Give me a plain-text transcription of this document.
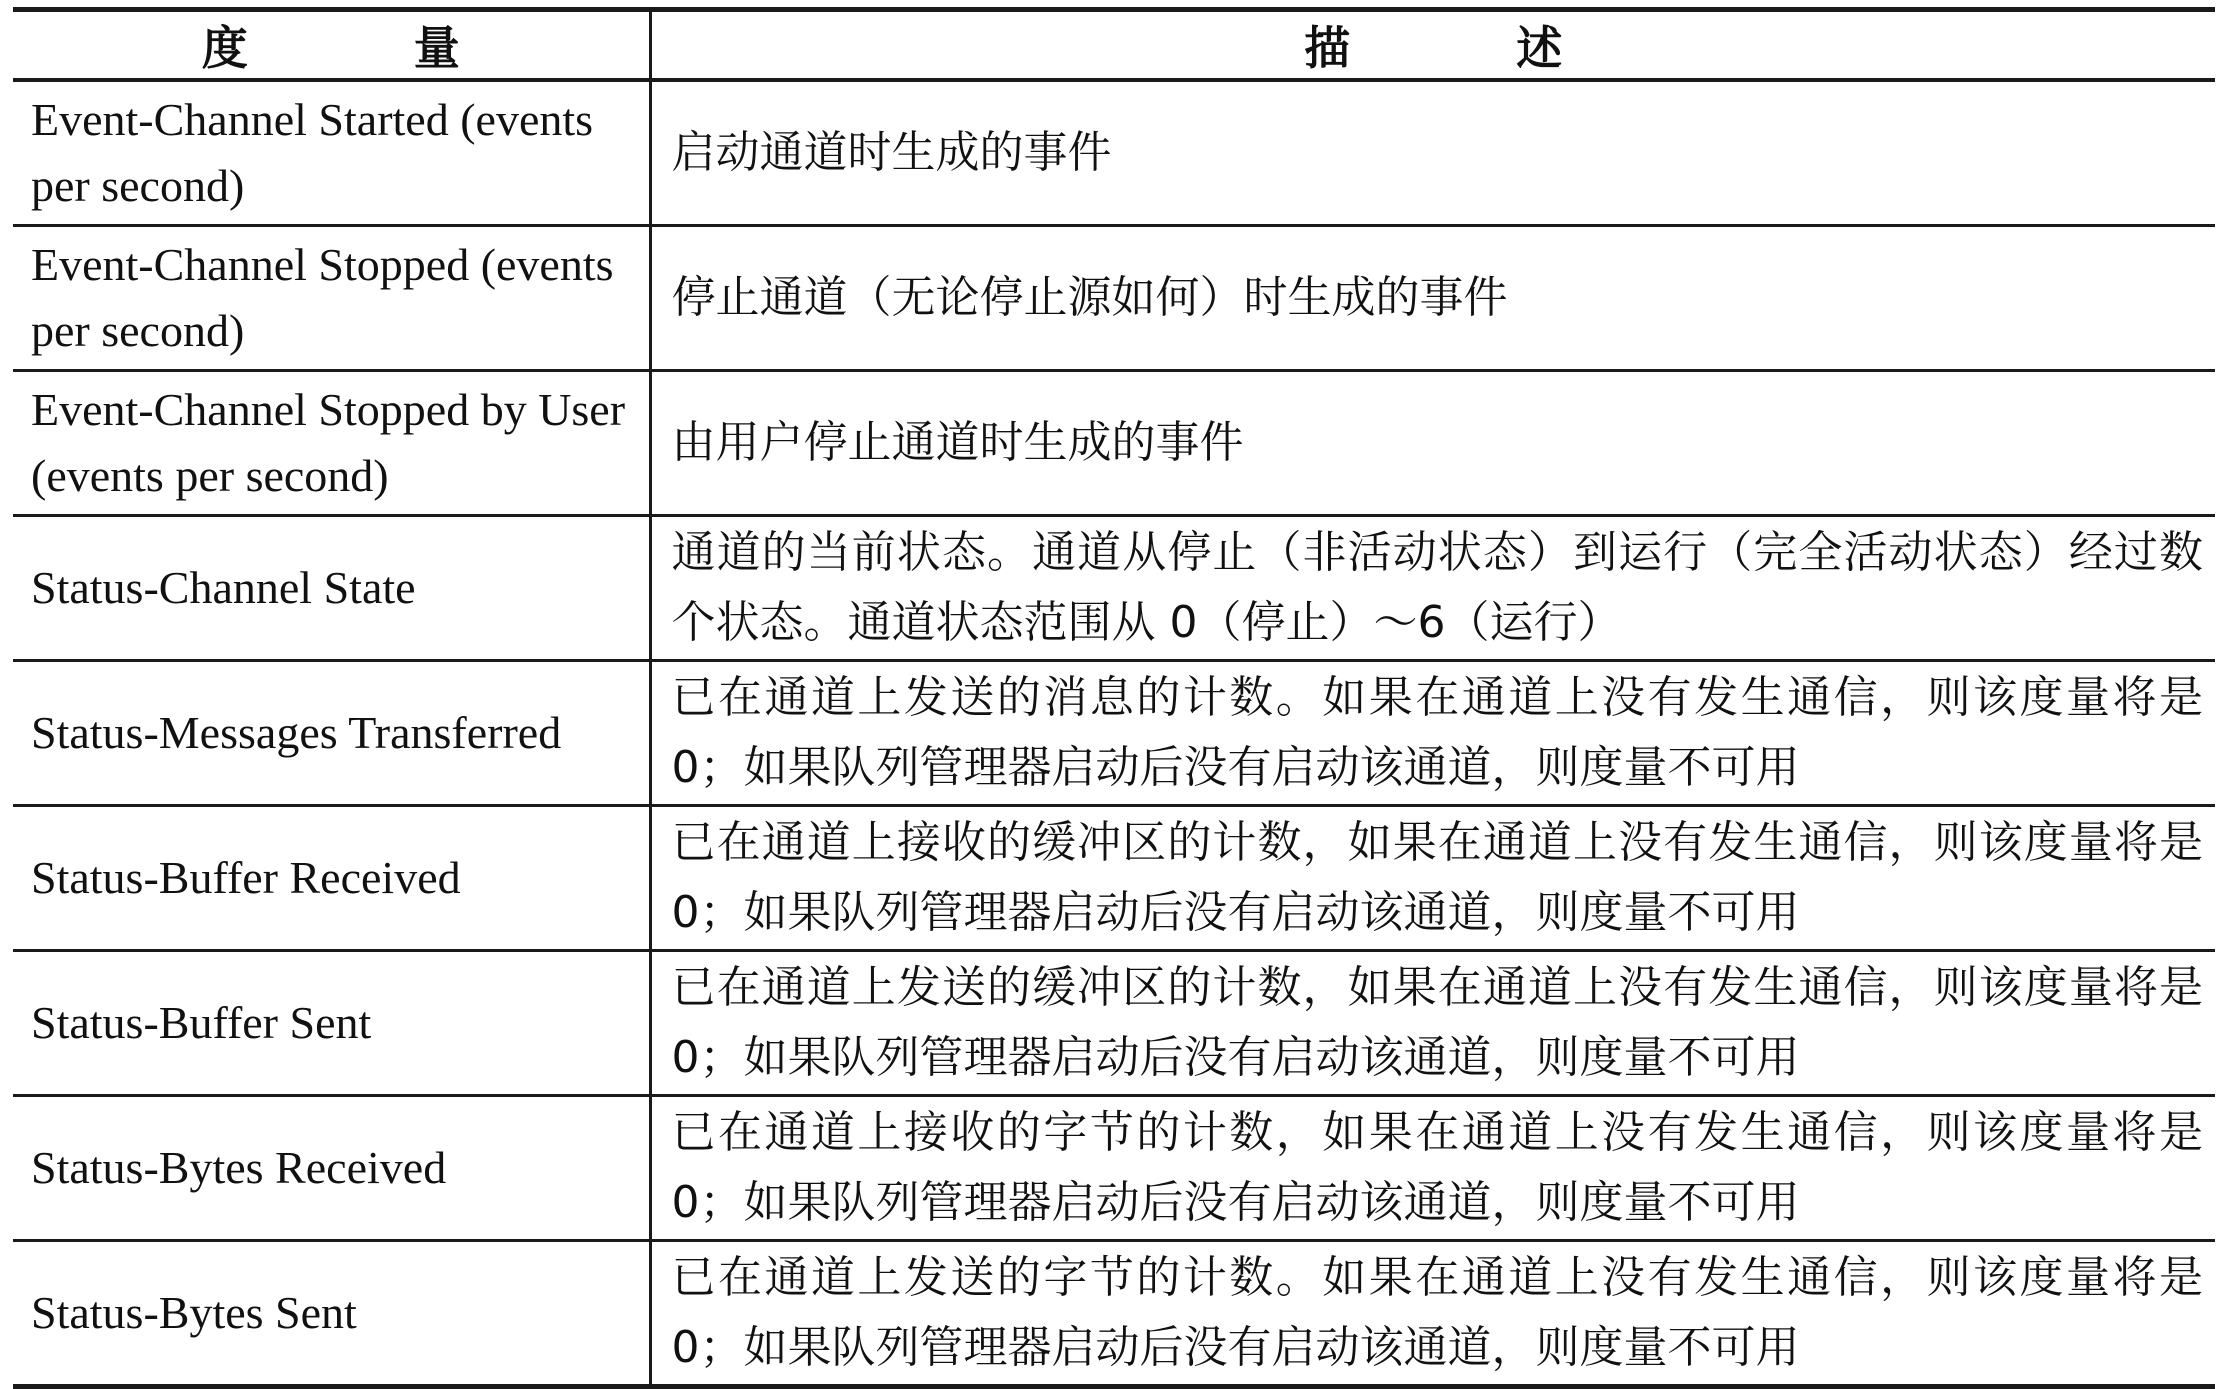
度　量	描　述
Event-Channel Started (events per second)	启动通道时生成的事件
Event-Channel Stopped (events per second)	停止通道（无论停止源如何）时生成的事件
Event-Channel Stopped by User (events per second)	由用户停止通道时生成的事件
Status-Channel State	通道的当前状态。通道从停止（非活动状态）到运行（完全活动状态）经过数个状态。通道状态范围从 0（停止）～6（运行）
Status-Messages Transferred	已在通道上发送的消息的计数。如果在通道上没有发生通信，则该度量将是 0；如果队列管理器启动后没有启动该通道，则度量不可用
Status-Buffer Received	已在通道上接收的缓冲区的计数，如果在通道上没有发生通信，则该度量将是 0；如果队列管理器启动后没有启动该通道，则度量不可用
Status-Buffer Sent	已在通道上发送的缓冲区的计数，如果在通道上没有发生通信，则该度量将是 0；如果队列管理器启动后没有启动该通道，则度量不可用
Status-Bytes Received	已在通道上接收的字节的计数，如果在通道上没有发生通信，则该度量将是 0；如果队列管理器启动后没有启动该通道，则度量不可用
Status-Bytes Sent	已在通道上发送的字节的计数。如果在通道上没有发生通信，则该度量将是 0；如果队列管理器启动后没有启动该通道，则度量不可用
